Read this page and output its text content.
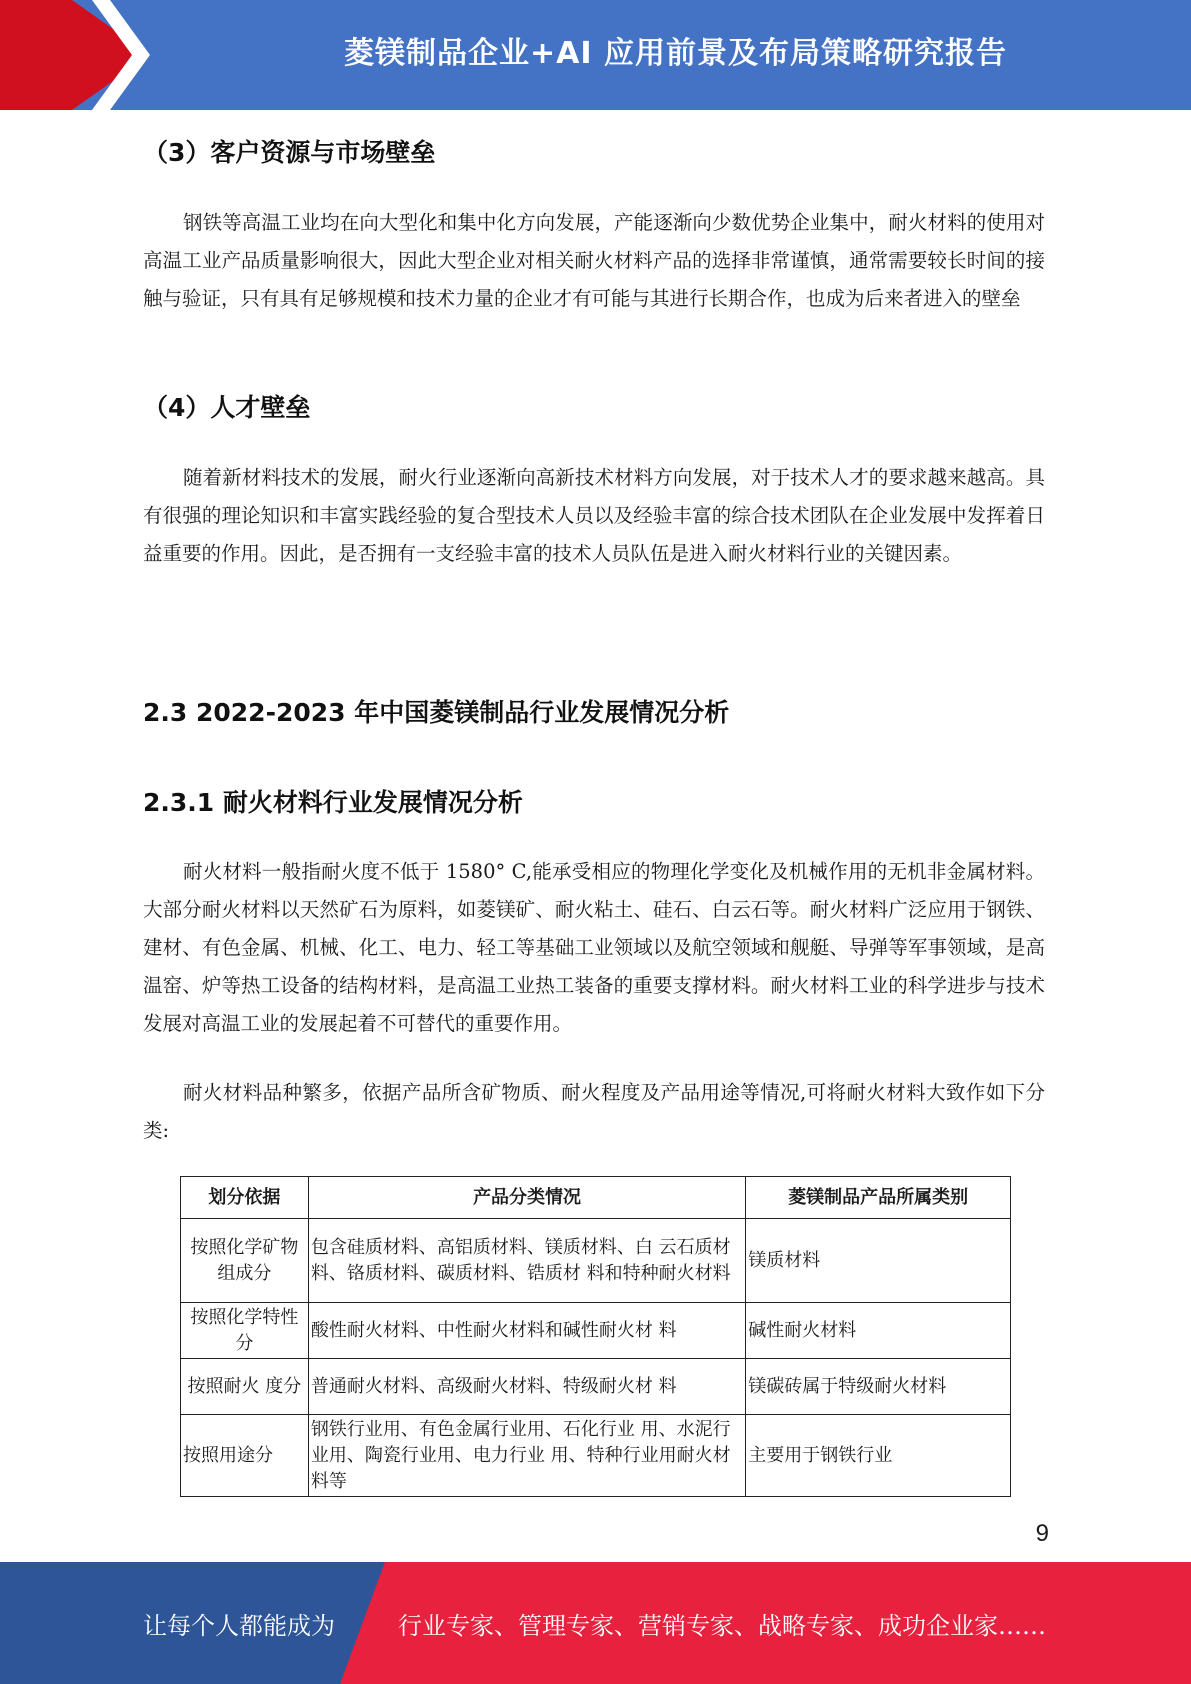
菱镁制品企业+AI 应用前景及布局策略研究报告
（3）客户资源与市场壁垒

钢铁等高温工业均在向大型化和集中化方向发展，产能逐渐向少数优势企业集中，耐火材料的使用对高温工业产品质量影响很大，因此大型企业对相关耐火材料产品的选择非常谨慎，通常需要较长时间的接触与验证，只有具有足够规模和技术力量的企业才有可能与其进行长期合作，也成为后来者进入的壁垒

（4）人才壁垒

随着新材料技术的发展，耐火行业逐渐向高新技术材料方向发展，对于技术人才的要求越来越高。具有很强的理论知识和丰富实践经验的复合型技术人员以及经验丰富的综合技术团队在企业发展中发挥着日益重要的作用。因此，是否拥有一支经验丰富的技术人员队伍是进入耐火材料行业的关键因素。

2.3 2022-2023 年中国菱镁制品行业发展情况分析
2.3.1 耐火材料行业发展情况分析

耐火材料一般指耐火度不低于 1580° C,能承受相应的物理化学变化及机械作用的无机非金属材料。大部分耐火材料以天然矿石为原料，如菱镁矿、耐火粘土、硅石、白云石等。耐火材料广泛应用于钢铁、建材、有色金属、机械、化工、电力、轻工等基础工业领域以及航空领域和舰艇、导弹等军事领域，是高温窑、炉等热工设备的结构材料，是高温工业热工装备的重要支撑材料。耐火材料工业的科学进步与技术发展对高温工业的发展起着不可替代的重要作用。

耐火材料品种繁多，依据产品所含矿物质、耐火程度及产品用途等情况,可将耐火材料大致作如下分类:

划分依据	产品分类情况	菱镁制品产品所属类别
按照化学矿物组成分	包含硅质材料、高铝质材料、镁质材料、白 云石质材料、铬质材料、碳质材料、锆质材 料和特种耐火材料	镁质材料
按照化学特性分	酸性耐火材料、中性耐火材料和碱性耐火材 料	碱性耐火材料
按照耐火 度分	普通耐火材料、高级耐火材料、特级耐火材 料	镁碳砖属于特级耐火材料
按照用途分	钢铁行业用、有色金属行业用、石化行业 用、水泥行业用、陶瓷行业用、电力行业 用、特种行业用耐火材料等	主要用于钢铁行业
9
让每个人都能成为	行业专家、管理专家、营销专家、战略专家、成功企业家……
